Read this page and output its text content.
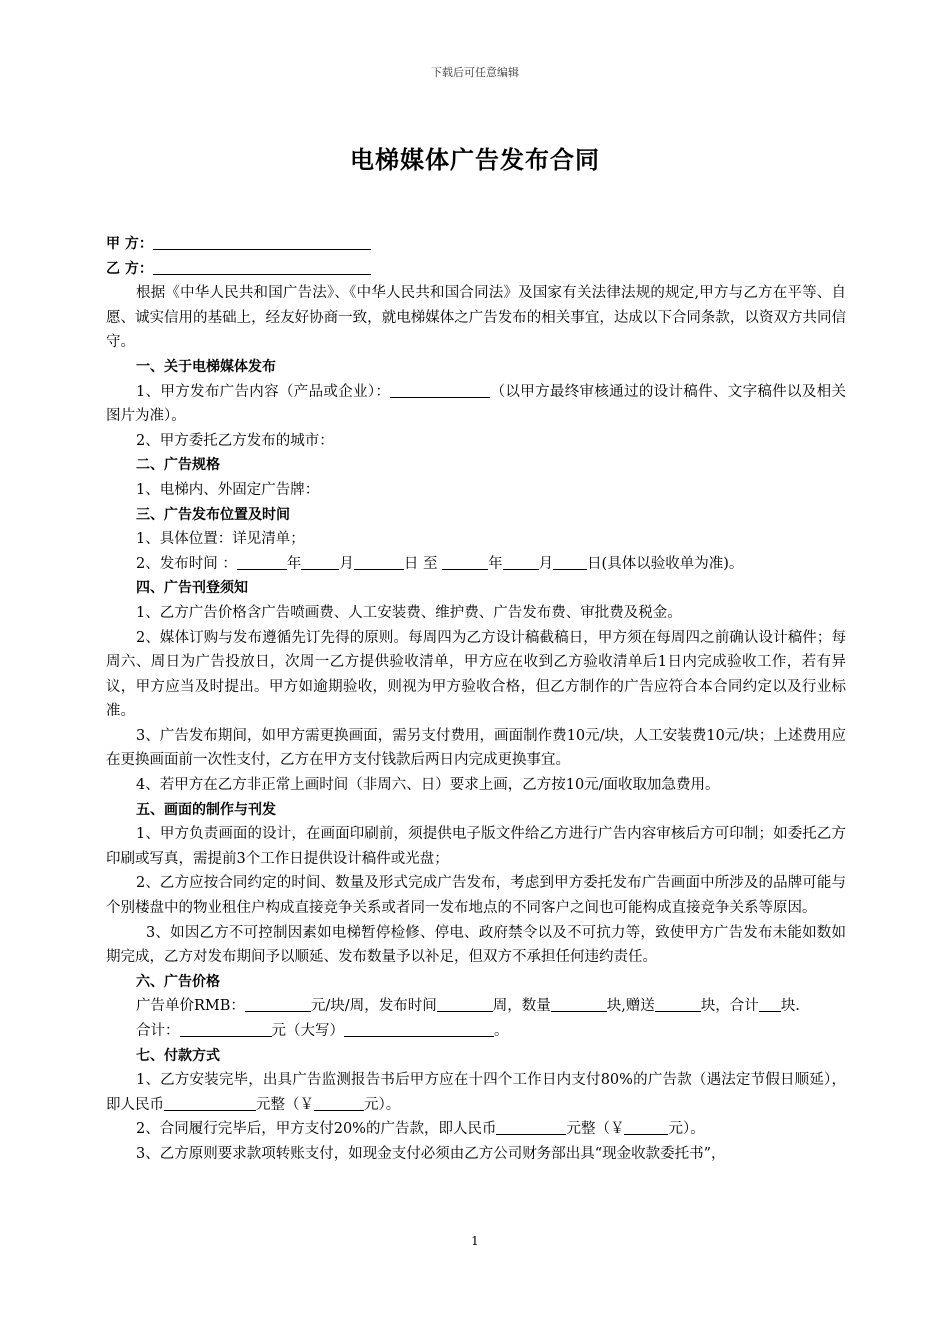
下载后可任意编辑
电梯媒体广告发布合同

甲 方：

乙 方：

根据《中华人民共和国广告法》、《中华人民共和国合同法》及国家有关法律法规的规定,甲方与乙方在平等、自愿、诚实信用的基础上，经友好协商一致，就电梯媒体之广告发布的相关事宜，达成以下合同条款，以资双方共同信守。

一、关于电梯媒体发布

1、甲方发布广告内容（产品或企业）：	（以甲方最终审核通过的设计稿件、文字稿件以及相关图片为准）。

2、甲方委托乙方发布的城市：

二、广告规格

1、电梯内、外固定广告牌：

三、广告发布位置及时间

1、具体位置：详见清单；

2、发布时间 ：	年	月	日 至	年 月 日(具体以验收单为准)。

四、广告刊登须知

1、乙方广告价格含广告喷画费、人工安装费、维护费、广告发布费、审批费及税金。

2、媒体订购与发布遵循先订先得的原则。每周四为乙方设计稿截稿日，甲方须在每周四之前确认设计稿件；每周六、周日为广告投放日，次周一乙方提供验收清单，甲方应在收到乙方验收清单后1日内完成验收工作，若有异议，甲方应当及时提出。甲方如逾期验收，则视为甲方验收合格，但乙方制作的广告应符合本合同约定以及行业标准。

3、广告发布期间，如甲方需更换画面，需另支付费用，画面制作费10元/块，人工安装费10元/块；上述费用应在更换画面前一次性支付，乙方在甲方支付钱款后两日内完成更换事宜。

4、若甲方在乙方非正常上画时间（非周六、日）要求上画，乙方按10元/面收取加急费用。

五、画面的制作与刊发

1、甲方负责画面的设计，在画面印刷前，须提供电子版文件给乙方进行广告内容审核后方可印制；如委托乙方印刷或写真，需提前3个工作日提供设计稿件或光盘；

2、乙方应按合同约定的时间、数量及形式完成广告发布，考虑到甲方委托发布广告画面中所涉及的品牌可能与个别楼盘中的物业租住户构成直接竞争关系或者同一发布地点的不同客户之间也可能构成直接竞争关系等原因。

3、如因乙方不可控制因素如电梯暂停检修、停电、政府禁令以及不可抗力等，致使甲方广告发布未能如数如期完成，乙方对发布期间予以顺延、发布数量予以补足，但双方不承担任何违约责任。

六、广告价格

广告单价RMB：	元/块/周，发布时间	周，数量	块,赠送	块，合计 块.

合计：	元（大写）	。

七、付款方式

1、乙方安装完毕，出具广告监测报告书后甲方应在十四个工作日内支付80%的广告款（遇法定节假日顺延），即人民币	元整（￥	元）。

2、合同履行完毕后，甲方支付20%的广告款，即人民币	元整（￥	元）。

3、乙方原则要求款项转账支付，如现金支付必须由乙方公司财务部出具“现金收款委托书”，

1
